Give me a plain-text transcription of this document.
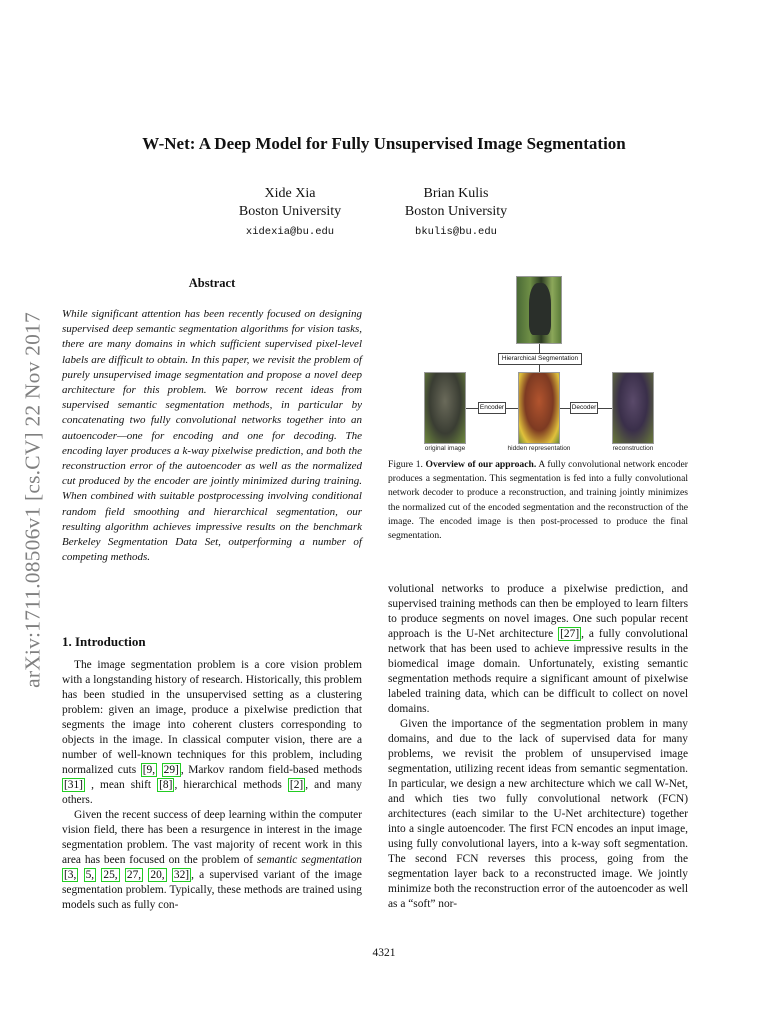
arXiv:1711.08506v1 [cs.CV] 22 Nov 2017
W-Net: A Deep Model for Fully Unsupervised Image Segmentation
Xide Xia
Boston University
xidexia@bu.edu
Brian Kulis
Boston University
bkulis@bu.edu
Abstract
While significant attention has been recently focused on designing supervised deep semantic segmentation algorithms for vision tasks, there are many domains in which sufficient supervised pixel-level labels are difficult to obtain. In this paper, we revisit the problem of purely unsupervised image segmentation and propose a novel deep architecture for this problem. We borrow recent ideas from supervised semantic segmentation methods, in particular by concatenating two fully convolutional networks together into an autoencoder—one for encoding and one for decoding. The encoding layer produces a k-way pixelwise prediction, and both the reconstruction error of the autoencoder as well as the normalized cut produced by the encoder are jointly minimized during training. When combined with suitable postprocessing involving conditional random field smoothing and hierarchical segmentation, our resulting algorithm achieves impressive results on the benchmark Berkeley Segmentation Data Set, outperforming a number of competing methods.
1. Introduction

The image segmentation problem is a core vision problem with a longstanding history of research. Historically, this problem has been studied in the unsupervised setting as a clustering problem: given an image, produce a pixelwise prediction that segments the image into coherent clusters corresponding to objects in the image. In classical computer vision, there are a number of well-known techniques for this problem, including normalized cuts [9, 29] , Markov random field-based methods [31] , mean shift [8] , hierarchical methods [2] , and many others.

Given the recent success of deep learning within the computer vision field, there has been a resurgence in interest in the image segmentation problem. The vast majority of recent work in this area has been focused on the problem of semantic segmentation [3, 5, 25, 27, 20, 32] , a supervised variant of the image segmentation problem. Typically, these methods are trained using models such as fully con-

Hierarchical Segmentation
Encoder	Decoder
original image	hidden representation	reconstruction
Figure 1. Overview of our approach. A fully convolutional network encoder produces a segmentation. This segmentation is fed into a fully convolutional network decoder to produce a reconstruction, and training jointly minimizes the normalized cut of the encoded segmentation and the reconstruction of the image. The encoded image is then post-processed to produce the final segmentation.

volutional networks to produce a pixelwise prediction, and supervised training methods can then be employed to learn filters to produce segments on novel images. One such popular recent approach is the U-Net architecture [27] , a fully convolutional network that has been used to achieve impressive results in the biomedical image domain. Unfortunately, existing semantic segmentation methods require a significant amount of pixelwise labeled training data, which can be difficult to collect on novel domains.

Given the importance of the segmentation problem in many domains, and due to the lack of supervised data for many problems, we revisit the problem of unsupervised image segmentation, utilizing recent ideas from semantic segmentation. In particular, we design a new architecture which we call W-Net, and which ties two fully convolutional network (FCN) architectures (each similar to the U-Net architecture) together into a single autoencoder. The first FCN encodes an input image, using fully convolutional layers, into a k-way soft segmentation. The second FCN reverses this process, going from the segmentation layer back to a reconstructed image. We jointly minimize both the reconstruction error of the autoencoder as well as a “soft” nor-

4321
